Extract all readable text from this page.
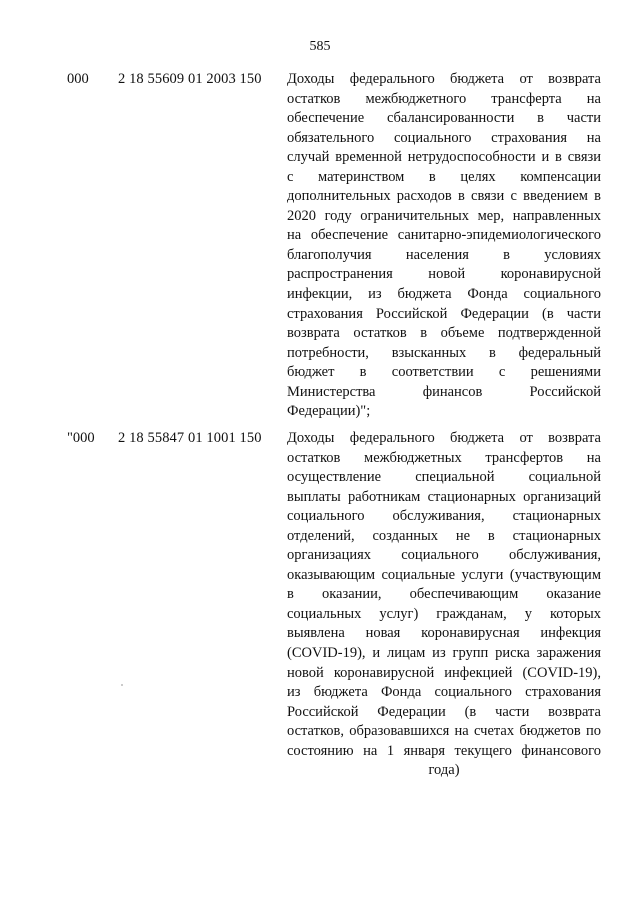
585
000 2 18 55609 01 2003 150 Доходы федерального бюджета от возврата
остатков межбюджетного трансферта на
обеспечение сбалансированности в части
обязательного социального страхования на
случай временной нетрудоспособности и в связи
с материнством в целях компенсации
дополнительных расходов в связи с введением в
2020 году ограничительных мер, направленных
на обеспечение санитарно-эпидемиологического
благополучия населения в условиях
распространения новой коронавирусной
инфекции, из бюджета Фонда социального
страхования Российской Федерации (в части
возврата остатков в объеме подтвержденной
потребности, взысканных в федеральный
бюджет в соответствии с решениями
Министерства финансов Российской
Федерации)";
"000 2 18 55847 01 1001 150 Доходы федерального бюджета от возврата
остатков межбюджетных трансфертов на
осуществление специальной социальной
выплаты работникам стационарных организаций
социального обслуживания, стационарных
отделений, созданных не в стационарных
организациях социального обслуживания,
оказывающим социальные услуги (участвующим
в оказании, обеспечивающим оказание
социальных услуг) гражданам, у которых
выявлена новая коронавирусная инфекция
(COVID-19), и лицам из групп риска заражения
новой коронавирусной инфекцией (COVID-19),
из бюджета Фонда социального страхования
Российской Федерации (в части возврата
остатков, образовавшихся на счетах бюджетов по
состоянию на 1 января текущего финансового
года)
